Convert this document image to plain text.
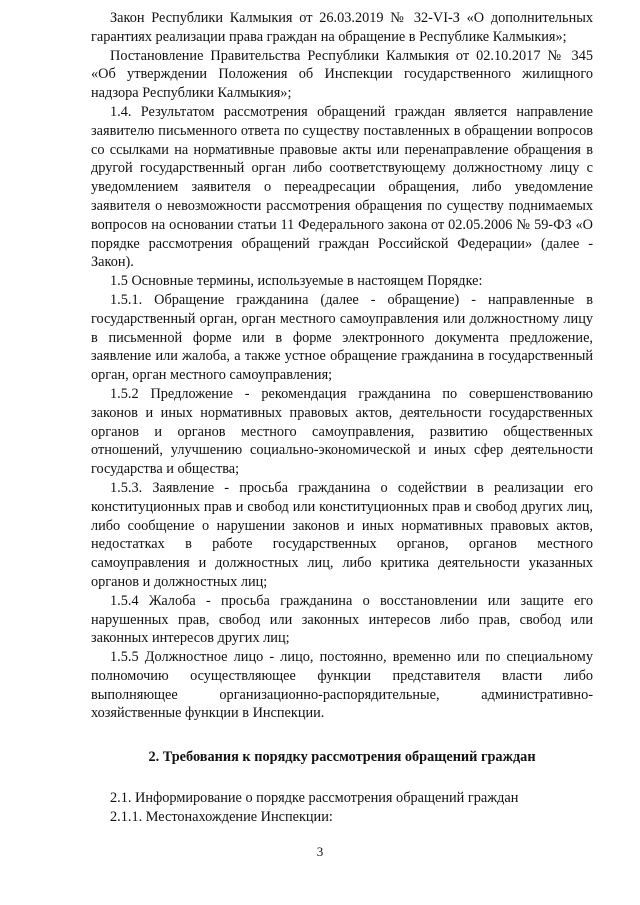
Закон Республики Калмыкия от 26.03.2019 № 32-VI-З «О дополнительных гарантиях реализации права граждан на обращение в Республике Калмыкия»;

Постановление Правительства Республики Калмыкия от 02.10.2017 № 345 «Об утверждении Положения об Инспекции государственного жилищного надзора Республики Калмыкия»;

1.4. Результатом рассмотрения обращений граждан является направление заявителю письменного ответа по существу поставленных в обращении вопросов со ссылками на нормативные правовые акты или перенаправление обращения в другой государственный орган либо соответствующему должностному лицу с уведомлением заявителя о переадресации обращения, либо уведомление заявителя о невозможности рассмотрения обращения по существу поднимаемых вопросов на основании статьи 11 Федерального закона от 02.05.2006 № 59-ФЗ «О порядке рассмотрения обращений граждан Российской Федерации» (далее - Закон).

1.5 Основные термины, используемые в настоящем Порядке:

1.5.1. Обращение гражданина (далее - обращение) - направленные в государственный орган, орган местного самоуправления или должностному лицу в письменной форме или в форме электронного документа предложение, заявление или жалоба, а также устное обращение гражданина в государственный орган, орган местного самоуправления;

1.5.2 Предложение - рекомендация гражданина по совершенствованию законов и иных нормативных правовых актов, деятельности государственных органов и органов местного самоуправления, развитию общественных отношений, улучшению социально-экономической и иных сфер деятельности государства и общества;

1.5.3. Заявление - просьба гражданина о содействии в реализации его конституционных прав и свобод или конституционных прав и свобод других лиц, либо сообщение о нарушении законов и иных нормативных правовых актов, недостатках в работе государственных органов, органов местного самоуправления и должностных лиц, либо критика деятельности указанных органов и должностных лиц;

1.5.4 Жалоба - просьба гражданина о восстановлении или защите его нарушенных прав, свобод или законных интересов либо прав, свобод или законных интересов других лиц;

1.5.5 Должностное лицо - лицо, постоянно, временно или по специальному полномочию осуществляющее функции представителя власти либо выполняющее организационно-распорядительные, административно-хозяйственные функции в Инспекции.

2. Требования к порядку рассмотрения обращений граждан

2.1. Информирование о порядке рассмотрения обращений граждан

2.1.1. Местонахождение Инспекции:

3
